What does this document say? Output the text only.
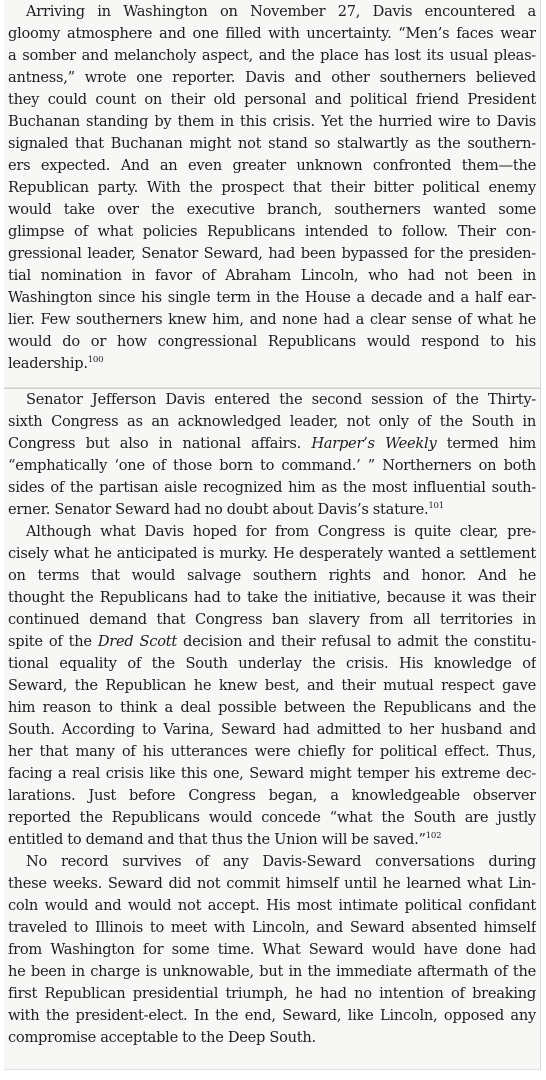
Arriving in Washington on November 27, Davis encountered a
gloomy atmosphere and one filled with uncertainty. “Men’s faces wear
a somber and melancholy aspect, and the place has lost its usual pleas-
antness,” wrote one reporter. Davis and other southerners believed
they could count on their old personal and political friend President
Buchanan standing by them in this crisis. Yet the hurried wire to Davis
signaled that Buchanan might not stand so stalwartly as the southern-
ers expected. And an even greater unknown confronted them—the
Republican party. With the prospect that their bitter political enemy
would take over the executive branch, southerners wanted some
glimpse of what policies Republicans intended to follow. Their con-
gressional leader, Senator Seward, had been bypassed for the presiden-
tial nomination in favor of Abraham Lincoln, who had not been in
Washington since his single term in the House a decade and a half ear-
lier. Few southerners knew him, and none had a clear sense of what he
would do or how congressional Republicans would respond to his
leadership.$^{100}$
Senator Jefferson Davis entered the second session of the Thirty-
sixth Congress as an acknowledged leader, not only of the South in
Congress but also in national affairs. Harper’s Weekly termed him
“emphatically ‘one of those born to command.’ ” Northerners on both
sides of the partisan aisle recognized him as the most influential south-
erner. Senator Seward had no doubt about Davis’s stature.$^{101}$
Although what Davis hoped for from Congress is quite clear, pre-
cisely what he anticipated is murky. He desperately wanted a settlement
on terms that would salvage southern rights and honor. And he
thought the Republicans had to take the initiative, because it was their
continued demand that Congress ban slavery from all territories in
spite of the Dred Scott decision and their refusal to admit the constitu-
tional equality of the South underlay the crisis. His knowledge of
Seward, the Republican he knew best, and their mutual respect gave
him reason to think a deal possible between the Republicans and the
South. According to Varina, Seward had admitted to her husband and
her that many of his utterances were chiefly for political effect. Thus,
facing a real crisis like this one, Seward might temper his extreme dec-
larations. Just before Congress began, a knowledgeable observer
reported the Republicans would concede “what the South are justly
entitled to demand and that thus the Union will be saved.”$^{102}$
No record survives of any Davis-Seward conversations during
these weeks. Seward did not commit himself until he learned what Lin-
coln would and would not accept. His most intimate political confidant
traveled to Illinois to meet with Lincoln, and Seward absented himself
from Washington for some time. What Seward would have done had
he been in charge is unknowable, but in the immediate aftermath of the
first Republican presidential triumph, he had no intention of breaking
with the president-elect. In the end, Seward, like Lincoln, opposed any
compromise acceptable to the Deep South.
